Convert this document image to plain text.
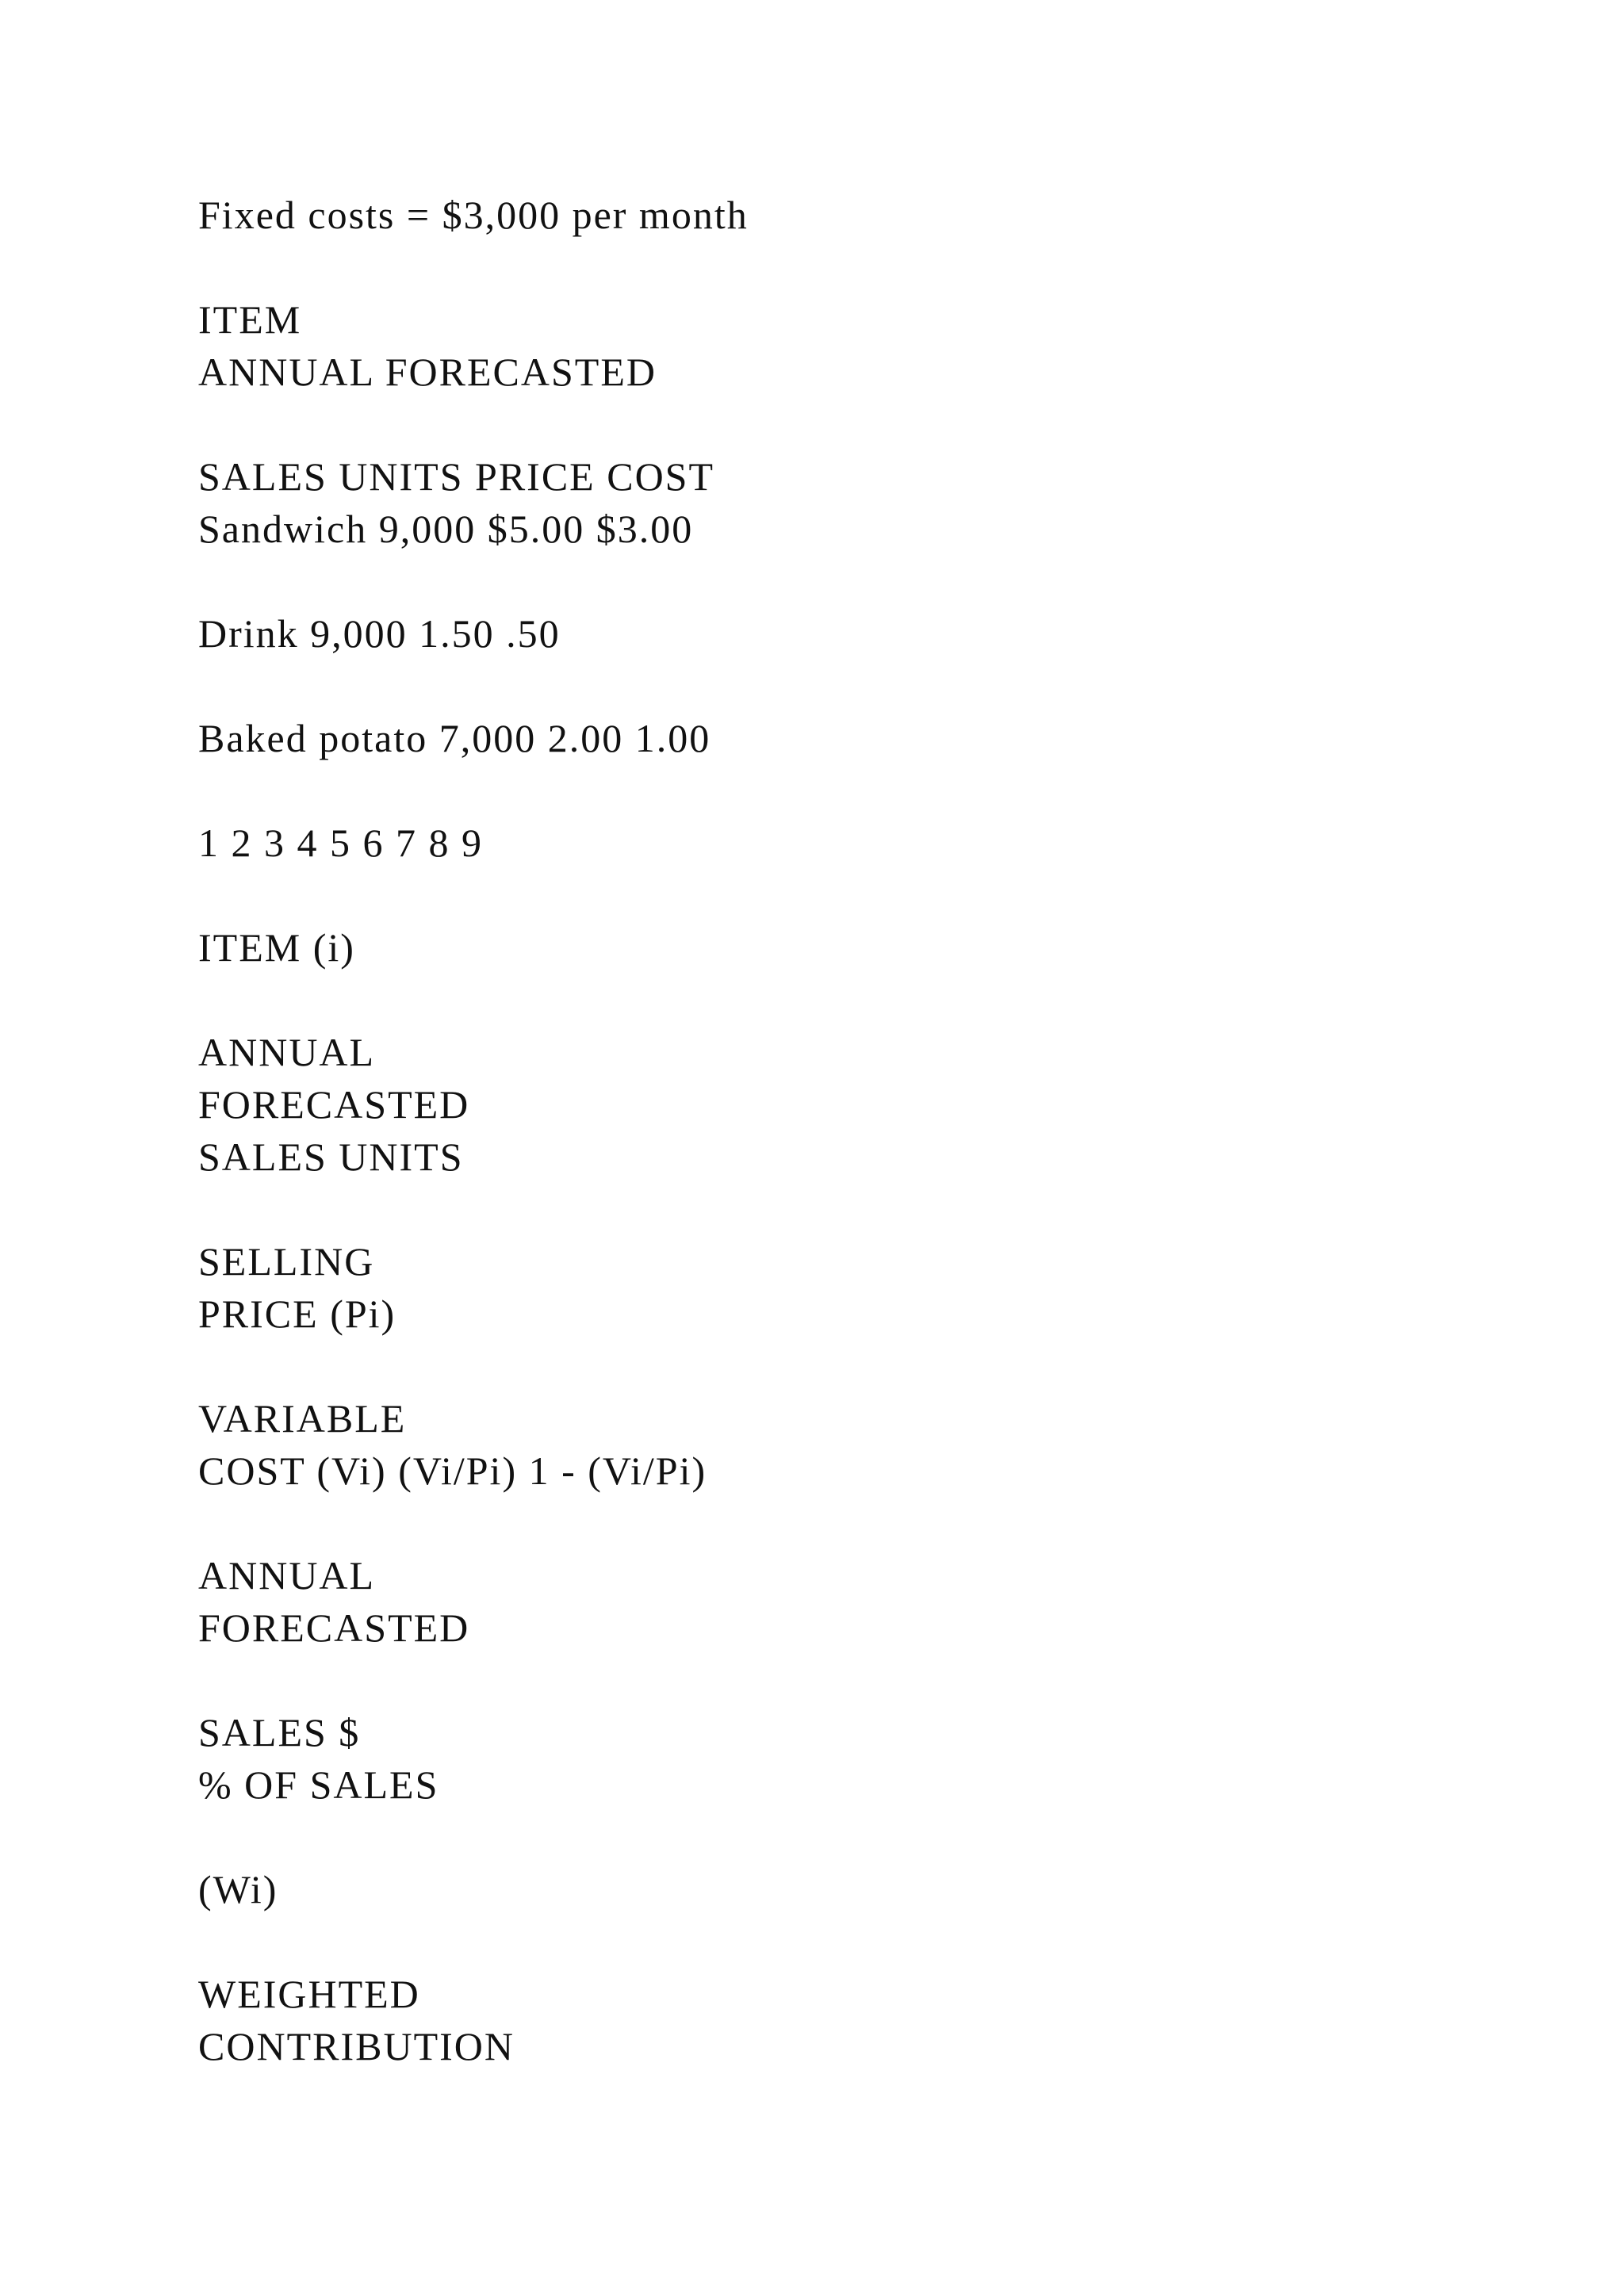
Fixed costs = $3,000 per month

ITEM
ANNUAL FORECASTED

SALES UNITS PRICE COST
Sandwich 9,000 $5.00 $3.00

Drink 9,000 1.50 .50

Baked potato 7,000 2.00 1.00

1 2 3 4 5 6 7 8 9

ITEM (i)

ANNUAL
FORECASTED
SALES UNITS

SELLING
PRICE (Pi)

VARIABLE
COST (Vi) (Vi/Pi) 1 - (Vi/Pi)

ANNUAL
FORECASTED

SALES $
% OF SALES

(Wi)

WEIGHTED
CONTRIBUTION
